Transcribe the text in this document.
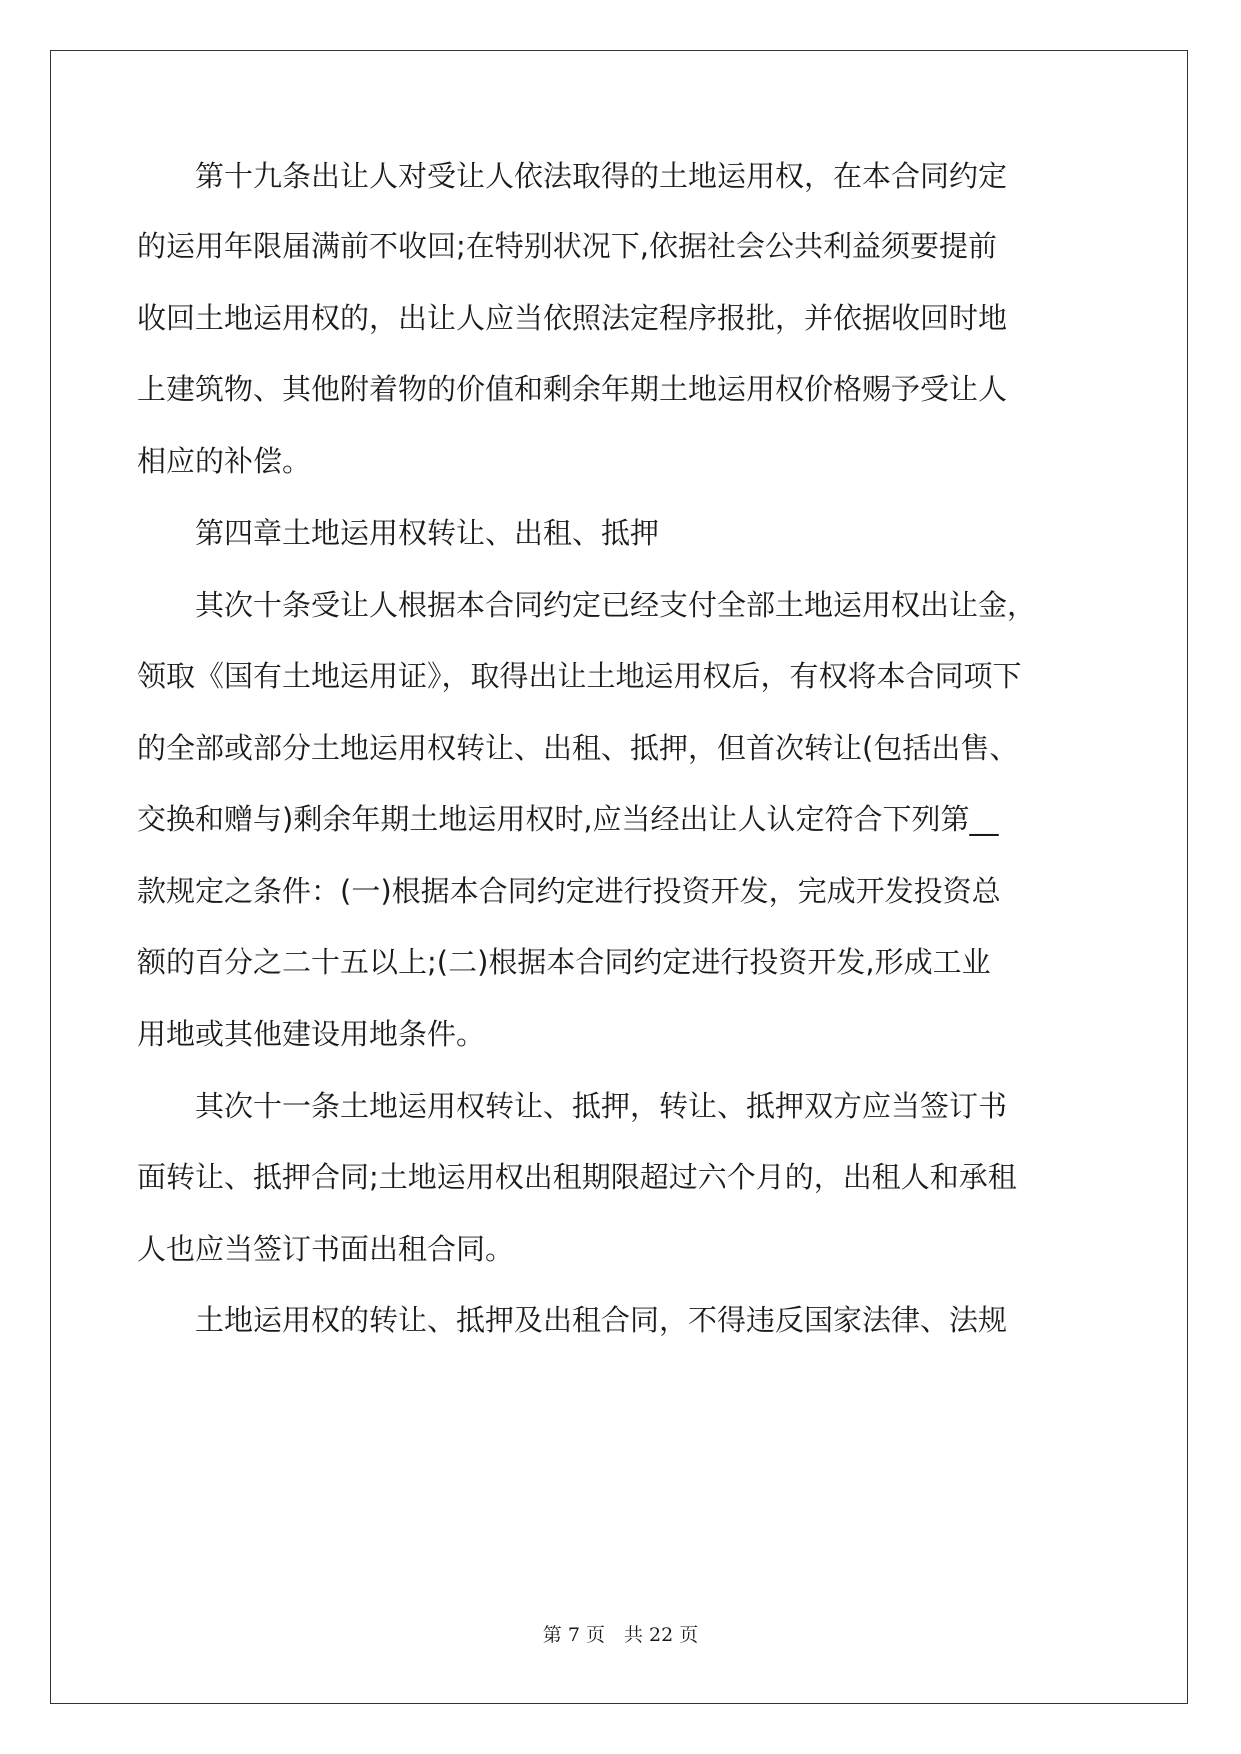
第十九条出让人对受让人依法取得的土地运用权，在本合同约定
的运用年限届满前不收回;在特别状况下,依据社会公共利益须要提前
收回土地运用权的，出让人应当依照法定程序报批，并依据收回时地
上建筑物、其他附着物的价值和剩余年期土地运用权价格赐予受让人
相应的补偿。
第四章土地运用权转让、出租、抵押
其次十条受让人根据本合同约定已经支付全部土地运用权出让金，
领取《国有土地运用证》，取得出让土地运用权后，有权将本合同项下
的全部或部分土地运用权转让、出租、抵押，但首次转让(包括出售、
交换和赠与)剩余年期土地运用权时,应当经出让人认定符合下列第__
款规定之条件：(一)根据本合同约定进行投资开发，完成开发投资总
额的百分之二十五以上;(二)根据本合同约定进行投资开发,形成工业
用地或其他建设用地条件。
其次十一条土地运用权转让、抵押，转让、抵押双方应当签订书
面转让、抵押合同;土地运用权出租期限超过六个月的，出租人和承租
人也应当签订书面出租合同。
土地运用权的转让、抵押及出租合同，不得违反国家法律、法规
第 7 页　共 22 页
